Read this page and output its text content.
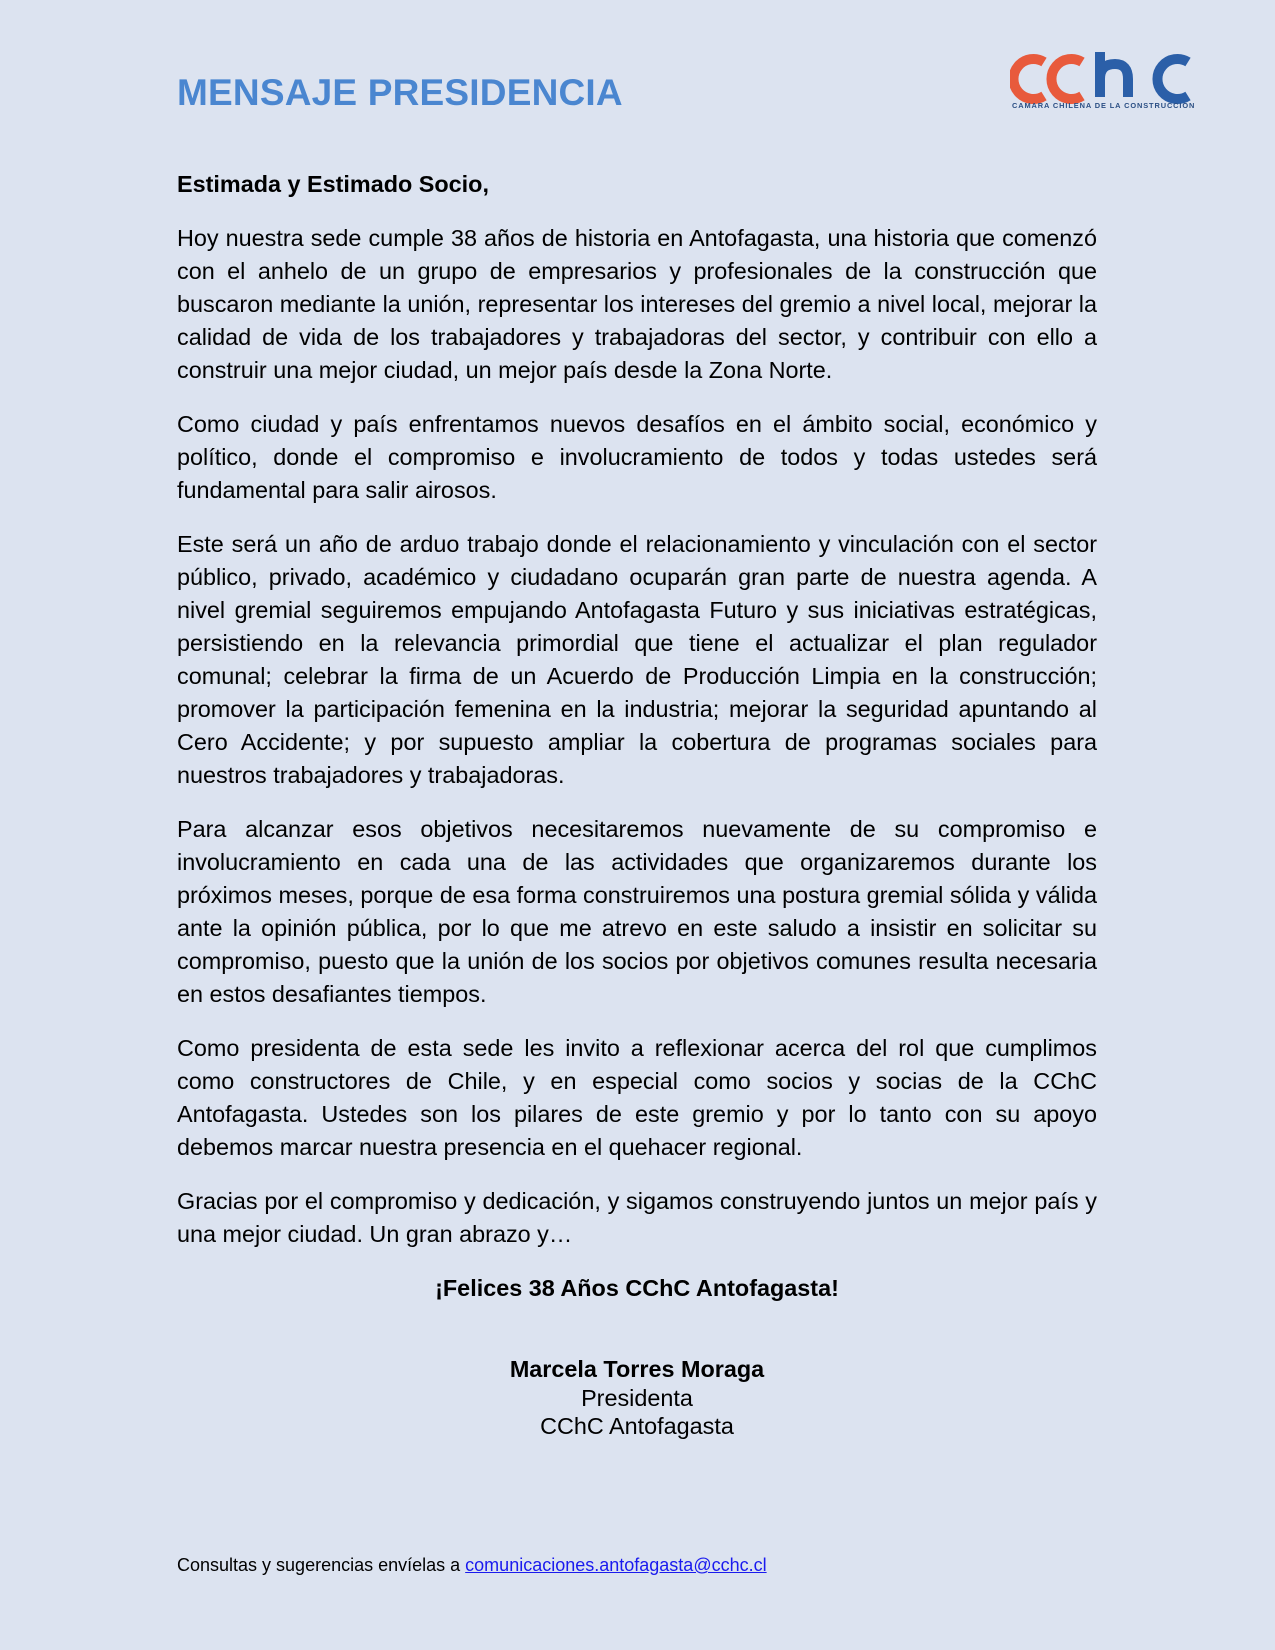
MENSAJE PRESIDENCIA	CAMARA CHILENA DE LA CONSTRUCCION

Estimada y Estimado Socio,

Hoy nuestra sede cumple 38 años de historia en Antofagasta, una historia que comenzó con el anhelo de un grupo de empresarios y profesionales de la construcción que buscaron mediante la unión, representar los intereses del gremio a nivel local, mejorar la calidad de vida de los trabajadores y trabajadoras del sector, y contribuir con ello a construir una mejor ciudad, un mejor país desde la Zona Norte.

Como ciudad y país enfrentamos nuevos desafíos en el ámbito social, económico y político, donde el compromiso e involucramiento de todos y todas ustedes será fundamental para salir airosos.

Este será un año de arduo trabajo donde el relacionamiento y vinculación con el sector público, privado, académico y ciudadano ocuparán gran parte de nuestra agenda. A nivel gremial seguiremos empujando Antofagasta Futuro y sus iniciativas estratégicas, persistiendo en la relevancia primordial que tiene el actualizar el plan regulador comunal; celebrar la firma de un Acuerdo de Producción Limpia en la construcción; promover la participación femenina en la industria; mejorar la seguridad apuntando al Cero Accidente; y por supuesto ampliar la cobertura de programas sociales para nuestros trabajadores y trabajadoras.

Para alcanzar esos objetivos necesitaremos nuevamente de su compromiso e involucramiento en cada una de las actividades que organizaremos durante los próximos meses, porque de esa forma construiremos una postura gremial sólida y válida ante la opinión pública, por lo que me atrevo en este saludo a insistir en solicitar su compromiso, puesto que la unión de los socios por objetivos comunes resulta necesaria en estos desafiantes tiempos.

Como presidenta de esta sede les invito a reflexionar acerca del rol que cumplimos como constructores de Chile, y en especial como socios y socias de la CChC Antofagasta. Ustedes son los pilares de este gremio y por lo tanto con su apoyo debemos marcar nuestra presencia en el quehacer regional.

Gracias por el compromiso y dedicación, y sigamos construyendo juntos un mejor país y una mejor ciudad. Un gran abrazo y…

¡Felices 38 Años CChC Antofagasta!

Marcela Torres Moraga
Presidenta
CChC Antofagasta
Consultas y sugerencias envíelas a comunicaciones.antofagasta@cchc.cl
